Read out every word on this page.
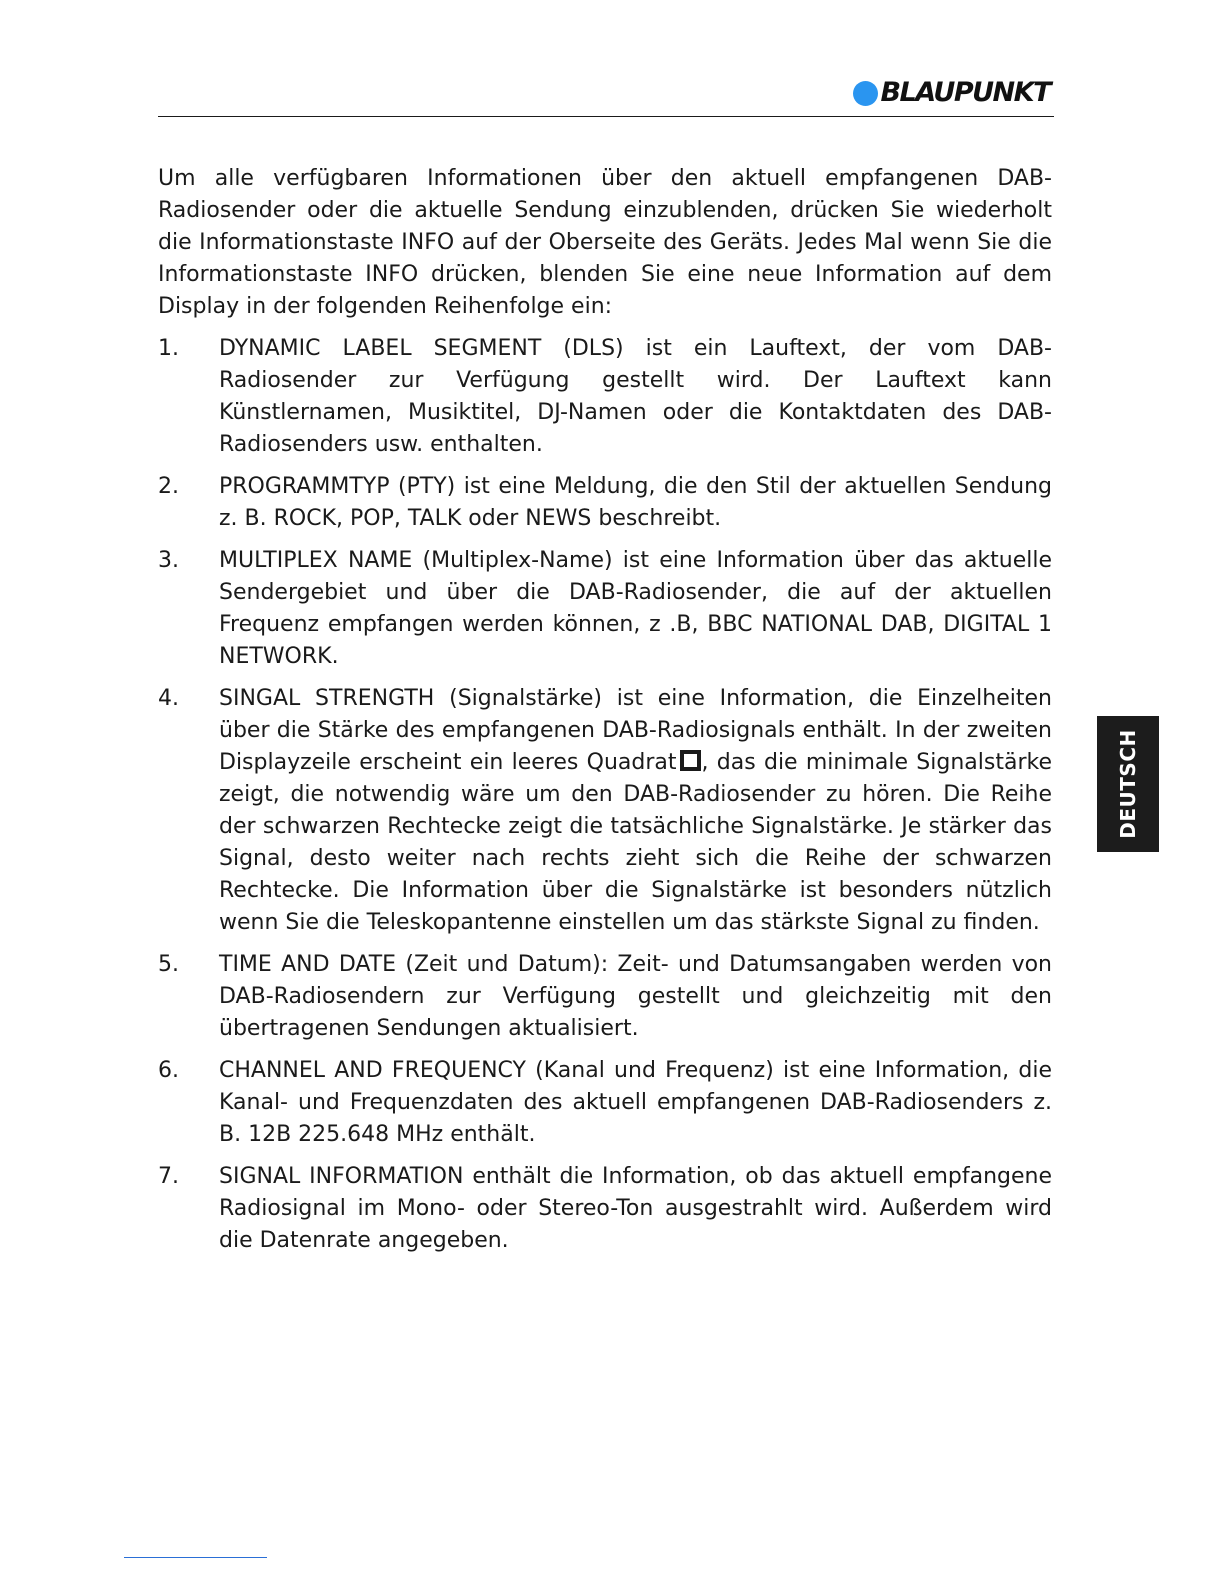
BLAUPUNKT

Um alle verfügbaren Informationen über den aktuell empfangenen DAB-Radiosender oder die aktuelle Sendung einzublenden, drücken Sie wiederholt die Informationstaste INFO auf der Oberseite des Geräts. Jedes Mal wenn Sie die Informationstaste INFO drücken, blenden Sie eine neue Information auf dem Display in der folgenden Reihenfolge ein:

1.	DYNAMIC LABEL SEGMENT (DLS) ist ein Lauftext, der vom DAB-Radiosender zur Verfügung gestellt wird. Der Lauftext kann Künstlernamen, Musiktitel, DJ-Namen oder die Kontaktdaten des DAB-Radiosenders usw. enthalten.
2.	PROGRAMMTYP (PTY) ist eine Meldung, die den Stil der aktuellen Sendung z. B. ROCK, POP, TALK oder NEWS beschreibt.
3.	MULTIPLEX NAME (Multiplex-Name) ist eine Information über das aktuelle Sendergebiet und über die DAB-Radiosender, die auf der aktuellen Frequenz empfangen werden können, z .B, BBC NATIONAL DAB, DIGITAL 1 NETWORK.
4.	SINGAL STRENGTH (Signalstärke) ist eine Information, die Einzelheiten über die Stärke des empfangenen DAB-Radiosignals enthält. In der zweiten Displayzeile erscheint ein leeres Quadrat , das die minimale Signalstärke zeigt, die notwendig wäre um den DAB-Radiosender zu hören. Die Reihe der schwarzen Rechtecke zeigt die tatsächliche Signalstärke. Je stärker das Signal, desto weiter nach rechts zieht sich die Reihe der schwarzen Rechtecke. Die Information über die Signalstärke ist besonders nützlich wenn Sie die Teleskopantenne einstellen um das stärkste Signal zu finden.
5.	TIME AND DATE (Zeit und Datum): Zeit- und Datumsangaben werden von DAB-Radiosendern zur Verfügung gestellt und gleichzeitig mit den übertragenen Sendungen aktualisiert.
6.	CHANNEL AND FREQUENCY (Kanal und Frequenz) ist eine Information, die Kanal- und Frequenzdaten des aktuell empfangenen DAB-Radiosenders z. B. 12B 225.648 MHz enthält.
7.	SIGNAL INFORMATION enthält die Information, ob das aktuell empfangene Radiosignal im Mono- oder Stereo-Ton ausgestrahlt wird. Außerdem wird die Datenrate angegeben.
DEUTSCH
